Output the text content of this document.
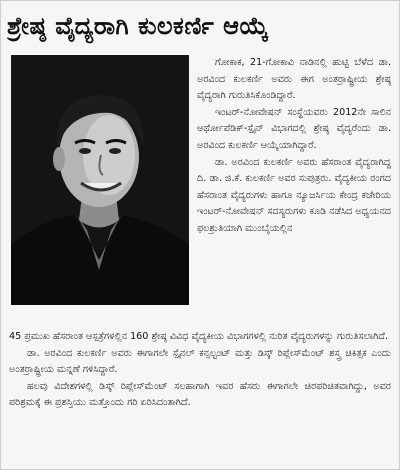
ಶ್ರೇಷ್ಠ ವೈದ್ಯರಾಗಿ ಕುಲಕರ್ಣಿ ಆಯ್ಕೆ

ಗೋಕಾಕ, 21-ಗೋಕಾವಿ ನಾಡಿನಲ್ಲಿ ಹುಟ್ಟಿ ಬೆಳೆದ ಡಾ. ಅರವಿಂದ ಕುಲಕರ್ಣಿ ಅವರು ಈಗ ಅಂತರ್ರಾಷ್ಟ್ರೀಯ ಶ್ರೇಷ್ಠ ವೈದ್ಯರಾಗಿ ಗುರುತಿಸಿಕೊಂಡಿದ್ದಾರೆ.

ಇಂಟರ್-ನೋವೇಷನ್ ಸಂಸ್ಥೆಯವರು 2012ನೇ ಸಾಲಿನ ಆರ್ಥೋಪೆಡಿಕ್-ಸ್ಪೈನ್ ವಿಭಾಗದಲ್ಲಿ ಶ್ರೇಷ್ಠ ವೈದ್ಯರೆಂದು ಡಾ. ಅರವಿಂದ ಕುಲಕರ್ಣಿ ಆಯ್ಕೆಯಾಗಿದ್ದಾರೆ.

ಡಾ. ಅರವಿಂದ ಕುಲಕರ್ಣಿ ಅವರು ಹೆಸರಾಂತ ವೈದ್ಯರಾಗಿದ್ದ ದಿ. ಡಾ. ಜಿ.ಕೆ. ಕುಲಕರ್ಣಿ ಅವರ ಸುಪುತ್ರರು. ವೈದ್ಯಕೀಯ ರಂಗದ ಹೆಸರಾಂತ ವೈದ್ಯರುಗಳು ಹಾಗೂ ನ್ಯೂಜರ್ಸಿಯ ಕೇಂದ್ರ ಕಚೇರಿಯ ಇಂಟರ್-ನೋವೇಷನ್ ಸದಸ್ಯರುಗಳು ಕೂಡಿ ನಡೆಸಿದ ಅಧ್ಯಯನದ ಫಲಶ್ರುತಿಯಾಗಿ ಮುಂಬೈಯಲ್ಲಿನ

45 ಪ್ರಮುಖ ಹೆಸರಾಂತ ಆಸ್ಪತ್ರೆಗಳಲ್ಲಿನ 160 ಶ್ರೇಷ್ಠ ವಿವಿಧ ವೈದ್ಯಕೀಯ ವಿಭಾಗಗಳಲ್ಲಿ ನುರಿತ ವೈದ್ಯರುಗಳನ್ನು ಗುರುತಿಸಲಾಗಿದೆ.

ಡಾ. ಅರವಿಂದ ಕುಲಕರ್ಣಿ ಅವರು ಈಗಾಗಲೇ ಸ್ಪೈನಲ್ ಕನ್ಸಲ್ಟಂಟ್ ಮತ್ತು ಡಿಸ್ಕ್ ರಿಪ್ಲೇಸ್‌ಮೆಂಟ್ ಶಸ್ತ್ರ ಚಿಕಿತ್ಸಕ ಎಂದು ಅಂತರ್ರಾಷ್ಟ್ರೀಯ ಮನ್ನಣೆ ಗಳಿಸಿದ್ದಾರೆ.

ಹಲವು ವಿದೇಶಗಳಲ್ಲಿ ಡಿಸ್ಕ್ ರಿಪ್ಲೇಸ್‌ಮೆಂಟ್ ಸಲಹಾಗಾಗಿ ಇವರ ಹೆಸರು ಈಗಾಗಲೇ ಚಿರಪರಿಚಿತವಾಗಿದ್ದು, ಅವರ ಪರಿಶ್ರಮಕ್ಕೆ ಈ ಪ್ರಶಸ್ತಿಯು ಮತ್ತೊಂದು ಗರಿ ಏರಿಸಿದಂತಾಗಿದೆ.
